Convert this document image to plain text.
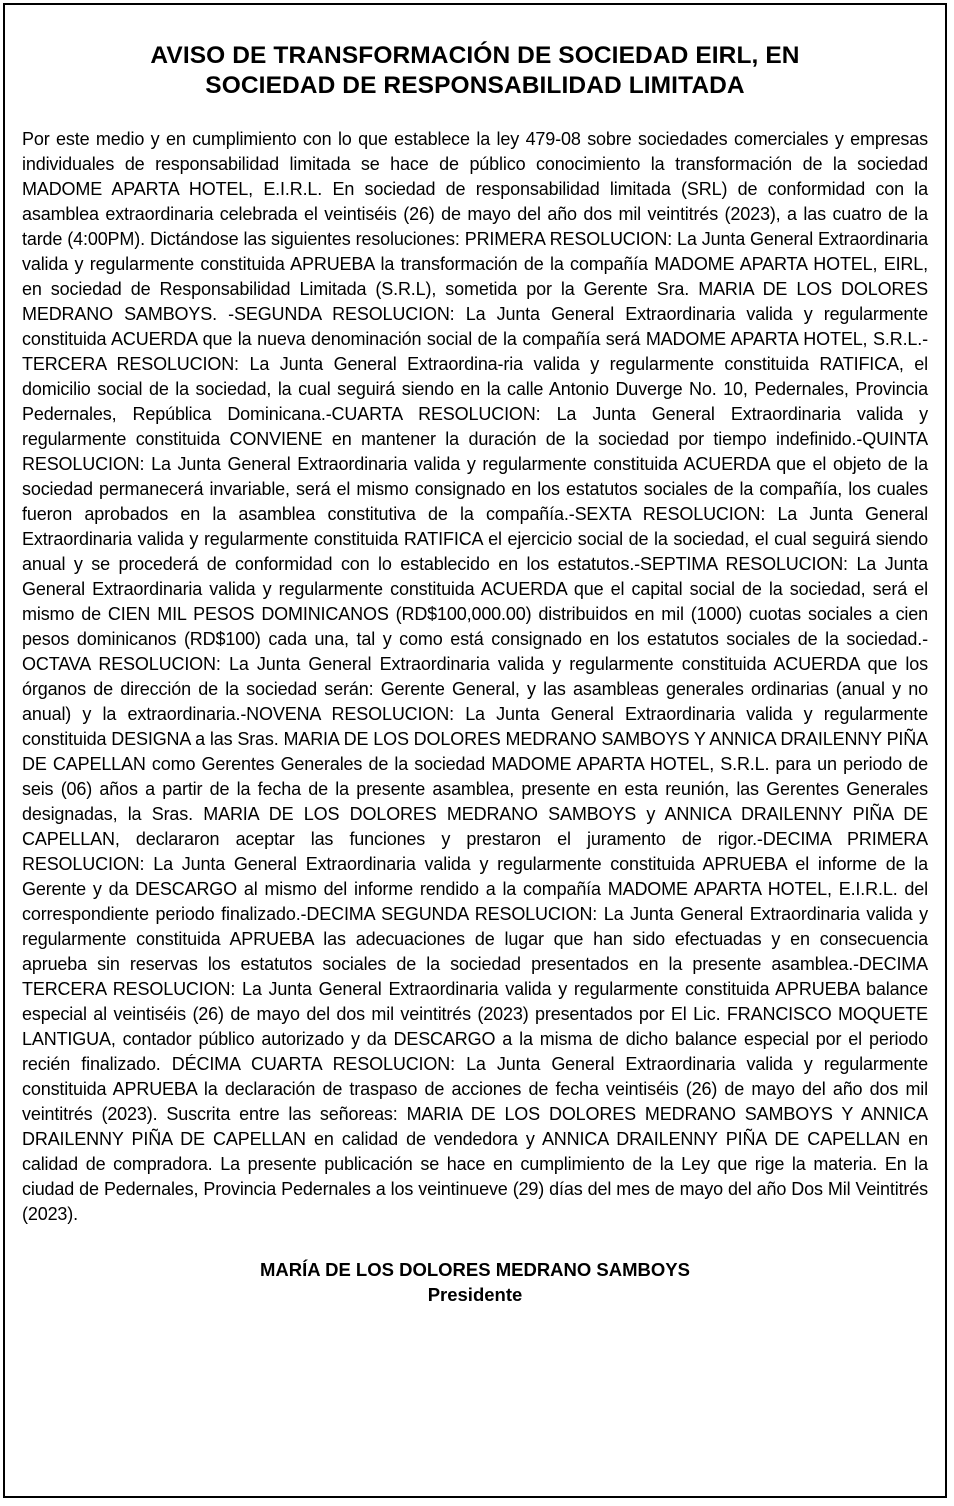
AVISO DE TRANSFORMACIÓN DE SOCIEDAD EIRL, EN
SOCIEDAD DE RESPONSABILIDAD LIMITADA

Por este medio y en cumplimiento con lo que establece la ley 479-08 sobre sociedades comerciales y empresas individuales de responsabilidad limitada se hace de público conocimiento la transformación de la sociedad MADOME APARTA HOTEL, E.I.R.L. En sociedad de responsabilidad limitada (SRL) de conformidad con la asamblea extraordinaria celebrada el veintiséis (26) de mayo del año dos mil veintitrés (2023), a las cuatro de la tarde (4:00PM). Dictándose las siguientes resoluciones: PRIMERA RESOLUCION: La Junta General Extraordinaria valida y regularmente constituida APRUEBA la transformación de la compañía MADOME APARTA HOTEL, EIRL, en sociedad de Responsabilidad Limitada (S.R.L), sometida por la Gerente Sra. MARIA DE LOS DOLORES MEDRANO SAMBOYS. -SEGUNDA RESOLUCION: La Junta General Extraordinaria valida y regularmente constituida ACUERDA que la nueva denominación social de la compañía será MADOME APARTA HOTEL, S.R.L.-TERCERA RESOLUCION: La Junta General Extraordina-ria valida y regularmente constituida RATIFICA, el domicilio social de la sociedad, la cual seguirá siendo en la calle Antonio Duverge No. 10, Pedernales, Provincia Pedernales, República Dominicana.-CUARTA RESOLUCION: La Junta General Extraordinaria valida y regularmente constituida CONVIENE en mantener la duración de la sociedad por tiempo indefinido.-QUINTA RESOLUCION: La Junta General Extraordinaria valida y regularmente constituida ACUERDA que el objeto de la sociedad permanecerá invariable, será el mismo consignado en los estatutos sociales de la compañía, los cuales fueron aprobados en la asamblea constitutiva de la compañía.-SEXTA RESOLUCION: La Junta General Extraordinaria valida y regularmente constituida RATIFICA el ejercicio social de la sociedad, el cual seguirá siendo anual y se procederá de conformidad con lo establecido en los estatutos.-SEPTIMA RESOLUCION: La Junta General Extraordinaria valida y regularmente constituida ACUERDA que el capital social de la sociedad, será el mismo de CIEN MIL PESOS DOMINICANOS (RD$100,000.00) distribuidos en mil (1000) cuotas sociales a cien pesos dominicanos (RD$100) cada una, tal y como está consignado en los estatutos sociales de la sociedad.-OCTAVA RESOLUCION: La Junta General Extraordinaria valida y regularmente constituida ACUERDA que los órganos de dirección de la sociedad serán: Gerente General, y las asambleas generales ordinarias (anual y no anual) y la extraordinaria.-NOVENA RESOLUCION: La Junta General Extraordinaria valida y regularmente constituida DESIGNA a las Sras. MARIA DE LOS DOLORES MEDRANO SAMBOYS Y ANNICA DRAILENNY PIÑA DE CAPELLAN como Gerentes Generales de la sociedad MADOME APARTA HOTEL, S.R.L. para un periodo de seis (06) años a partir de la fecha de la presente asamblea, presente en esta reunión, las Gerentes Generales designadas, la Sras. MARIA DE LOS DOLORES MEDRANO SAMBOYS y ANNICA DRAILENNY PIÑA DE CAPELLAN, declararon aceptar las funciones y prestaron el juramento de rigor.-DECIMA PRIMERA RESOLUCION: La Junta General Extraordinaria valida y regularmente constituida APRUEBA el informe de la Gerente y da DESCARGO al mismo del informe rendido a la compañía MADOME APARTA HOTEL, E.I.R.L. del correspondiente periodo finalizado.-DECIMA SEGUNDA RESOLUCION: La Junta General Extraordinaria valida y regularmente constituida APRUEBA las adecuaciones de lugar que han sido efectuadas y en consecuencia aprueba sin reservas los estatutos sociales de la sociedad presentados en la presente asamblea.-DECIMA TERCERA RESOLUCION: La Junta General Extraordinaria valida y regularmente constituida APRUEBA balance especial al veintiséis (26) de mayo del dos mil veintitrés (2023) presentados por El Lic. FRANCISCO MOQUETE LANTIGUA, contador público autorizado y da DESCARGO a la misma de dicho balance especial por el periodo recién finalizado. DÉCIMA CUARTA RESOLUCION: La Junta General Extraordinaria valida y regularmente constituida APRUEBA la declaración de traspaso de acciones de fecha veintiséis (26) de mayo del año dos mil veintitrés (2023). Suscrita entre las señoreas: MARIA DE LOS DOLORES MEDRANO SAMBOYS Y ANNICA DRAILENNY PIÑA DE CAPELLAN en calidad de vendedora y ANNICA DRAILENNY PIÑA DE CAPELLAN en calidad de compradora. La presente publicación se hace en cumplimiento de la Ley que rige la materia. En la ciudad de Pedernales, Provincia Pedernales a los veintinueve (29) días del mes de mayo del año Dos Mil Veintitrés (2023).

MARÍA DE LOS DOLORES MEDRANO SAMBOYS
Presidente
